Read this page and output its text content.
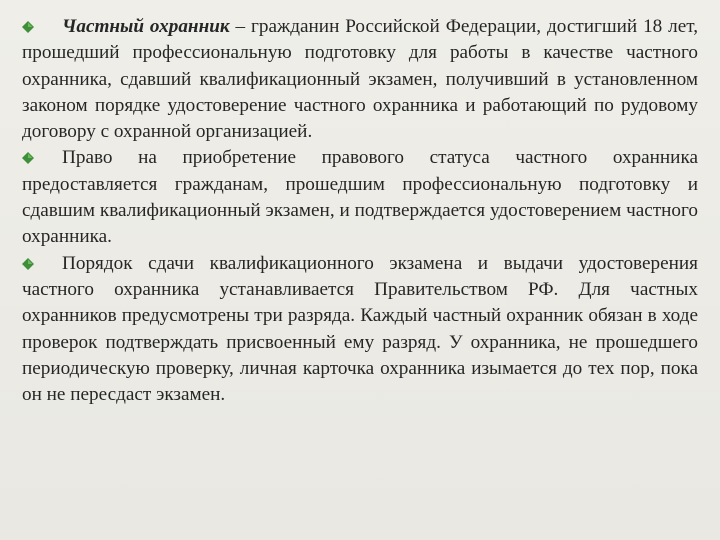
Частный охранник – гражданин Российской Федерации, достигший 18 лет, прошедший профессиональную подготовку для работы в качестве частного охранника, сдавший квалификационный экзамен, получивший в установленном законом порядке удостоверение частного охранника и работающий по рудовому договору с охранной организацией.

Право на приобретение правового статуса частного охранника предоставляется гражданам, прошедшим профессиональную подготовку и сдавшим квалификационный экзамен, и подтверждается удостоверением частного охранника.

Порядок сдачи квалификационного экзамена и выдачи удостоверения частного охранника устанавливается Правительством РФ. Для частных охранников предусмотрены три разряда. Каждый частный охранник обязан в ходе проверок подтверждать присвоенный ему разряд. У охранника, не прошедшего периодическую проверку, личная карточка охранника изымается до тех пор, пока он не пересдаст экзамен.
